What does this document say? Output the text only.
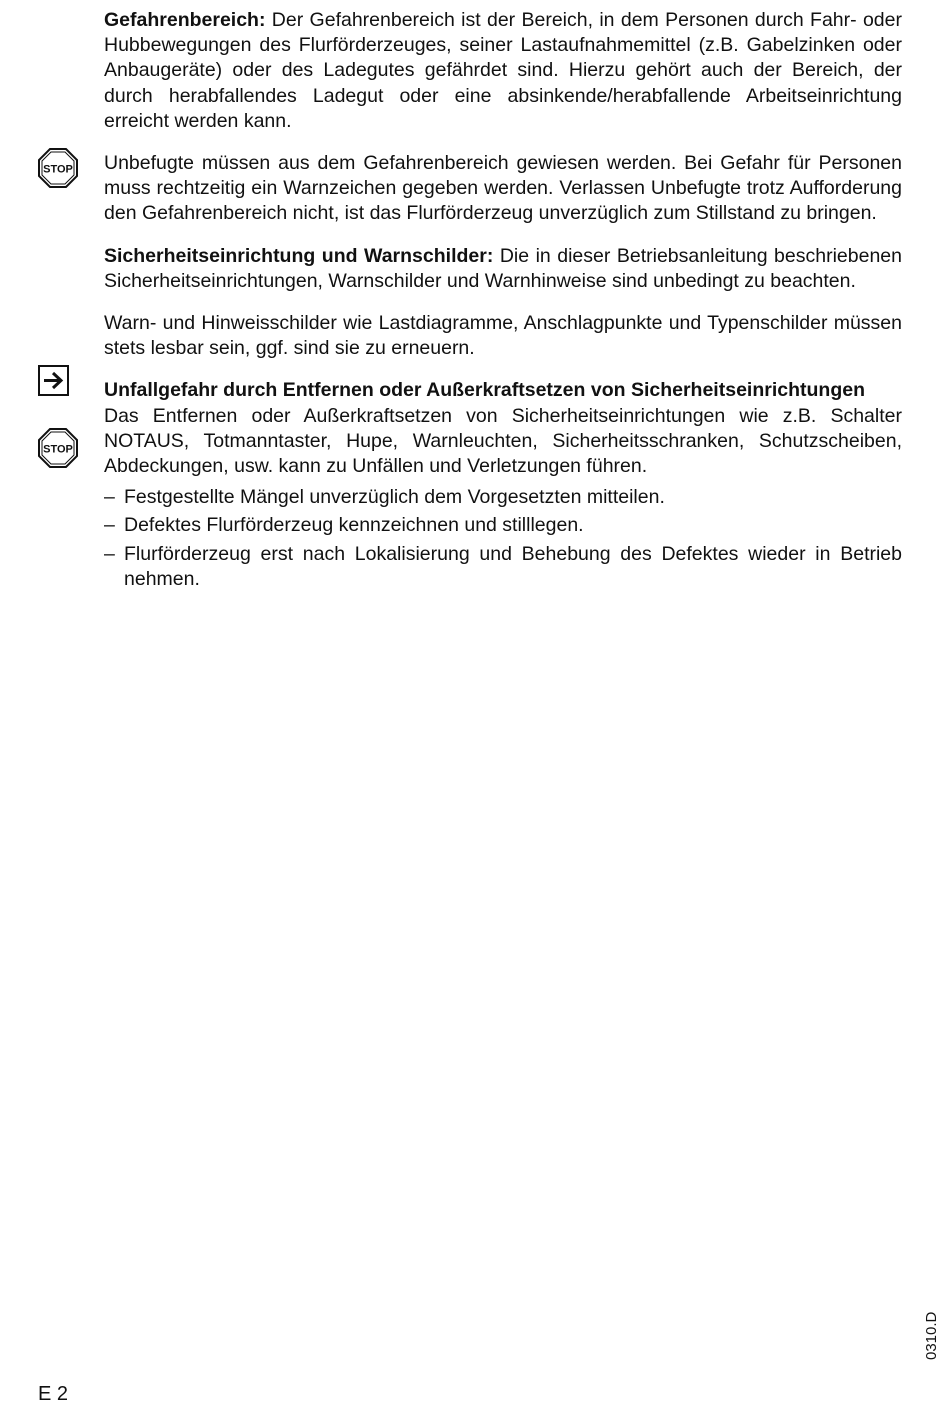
STOP
STOP

Gefahrenbereich: Der Gefahrenbereich ist der Bereich, in dem Personen durch Fahr- oder Hubbewegungen des Flurförderzeuges, seiner Lastaufnahmemittel (z.B. Gabelzinken oder Anbaugeräte) oder des Ladegutes gefährdet sind. Hierzu gehört auch der Bereich, der durch herabfallendes Ladegut oder eine absinkende/herabfallende Arbeitseinrichtung erreicht werden kann.

Unbefugte müssen aus dem Gefahrenbereich gewiesen werden. Bei Gefahr für Personen muss rechtzeitig ein Warnzeichen gegeben werden. Verlassen Unbefugte trotz Aufforderung den Gefahrenbereich nicht, ist das Flurförderzeug unverzüglich zum Stillstand zu bringen.

Sicherheitseinrichtung und Warnschilder: Die in dieser Betriebsanleitung beschriebenen Sicherheitseinrichtungen, Warnschilder und Warnhinweise sind unbedingt zu beachten.

Warn- und Hinweisschilder wie Lastdiagramme, Anschlagpunkte und Typenschilder müssen stets lesbar sein, ggf. sind sie zu erneuern.

Unfallgefahr durch Entfernen oder Außerkraftsetzen von Sicherheitseinrichtungen
Das Entfernen oder Außerkraftsetzen von Sicherheitseinrichtungen wie z.B. Schalter NOTAUS, Totmanntaster, Hupe, Warnleuchten, Sicherheitsschranken, Schutzscheiben, Abdeckungen, usw. kann zu Unfällen und Verletzungen führen.
– Festgestellte Mängel unverzüglich dem Vorgesetzten mitteilen.
– Defektes Flurförderzeug kennzeichnen und stilllegen.
– Flurförderzeug erst nach Lokalisierung und Behebung des Defektes wieder in Betrieb nehmen.
E 2
0310.D
